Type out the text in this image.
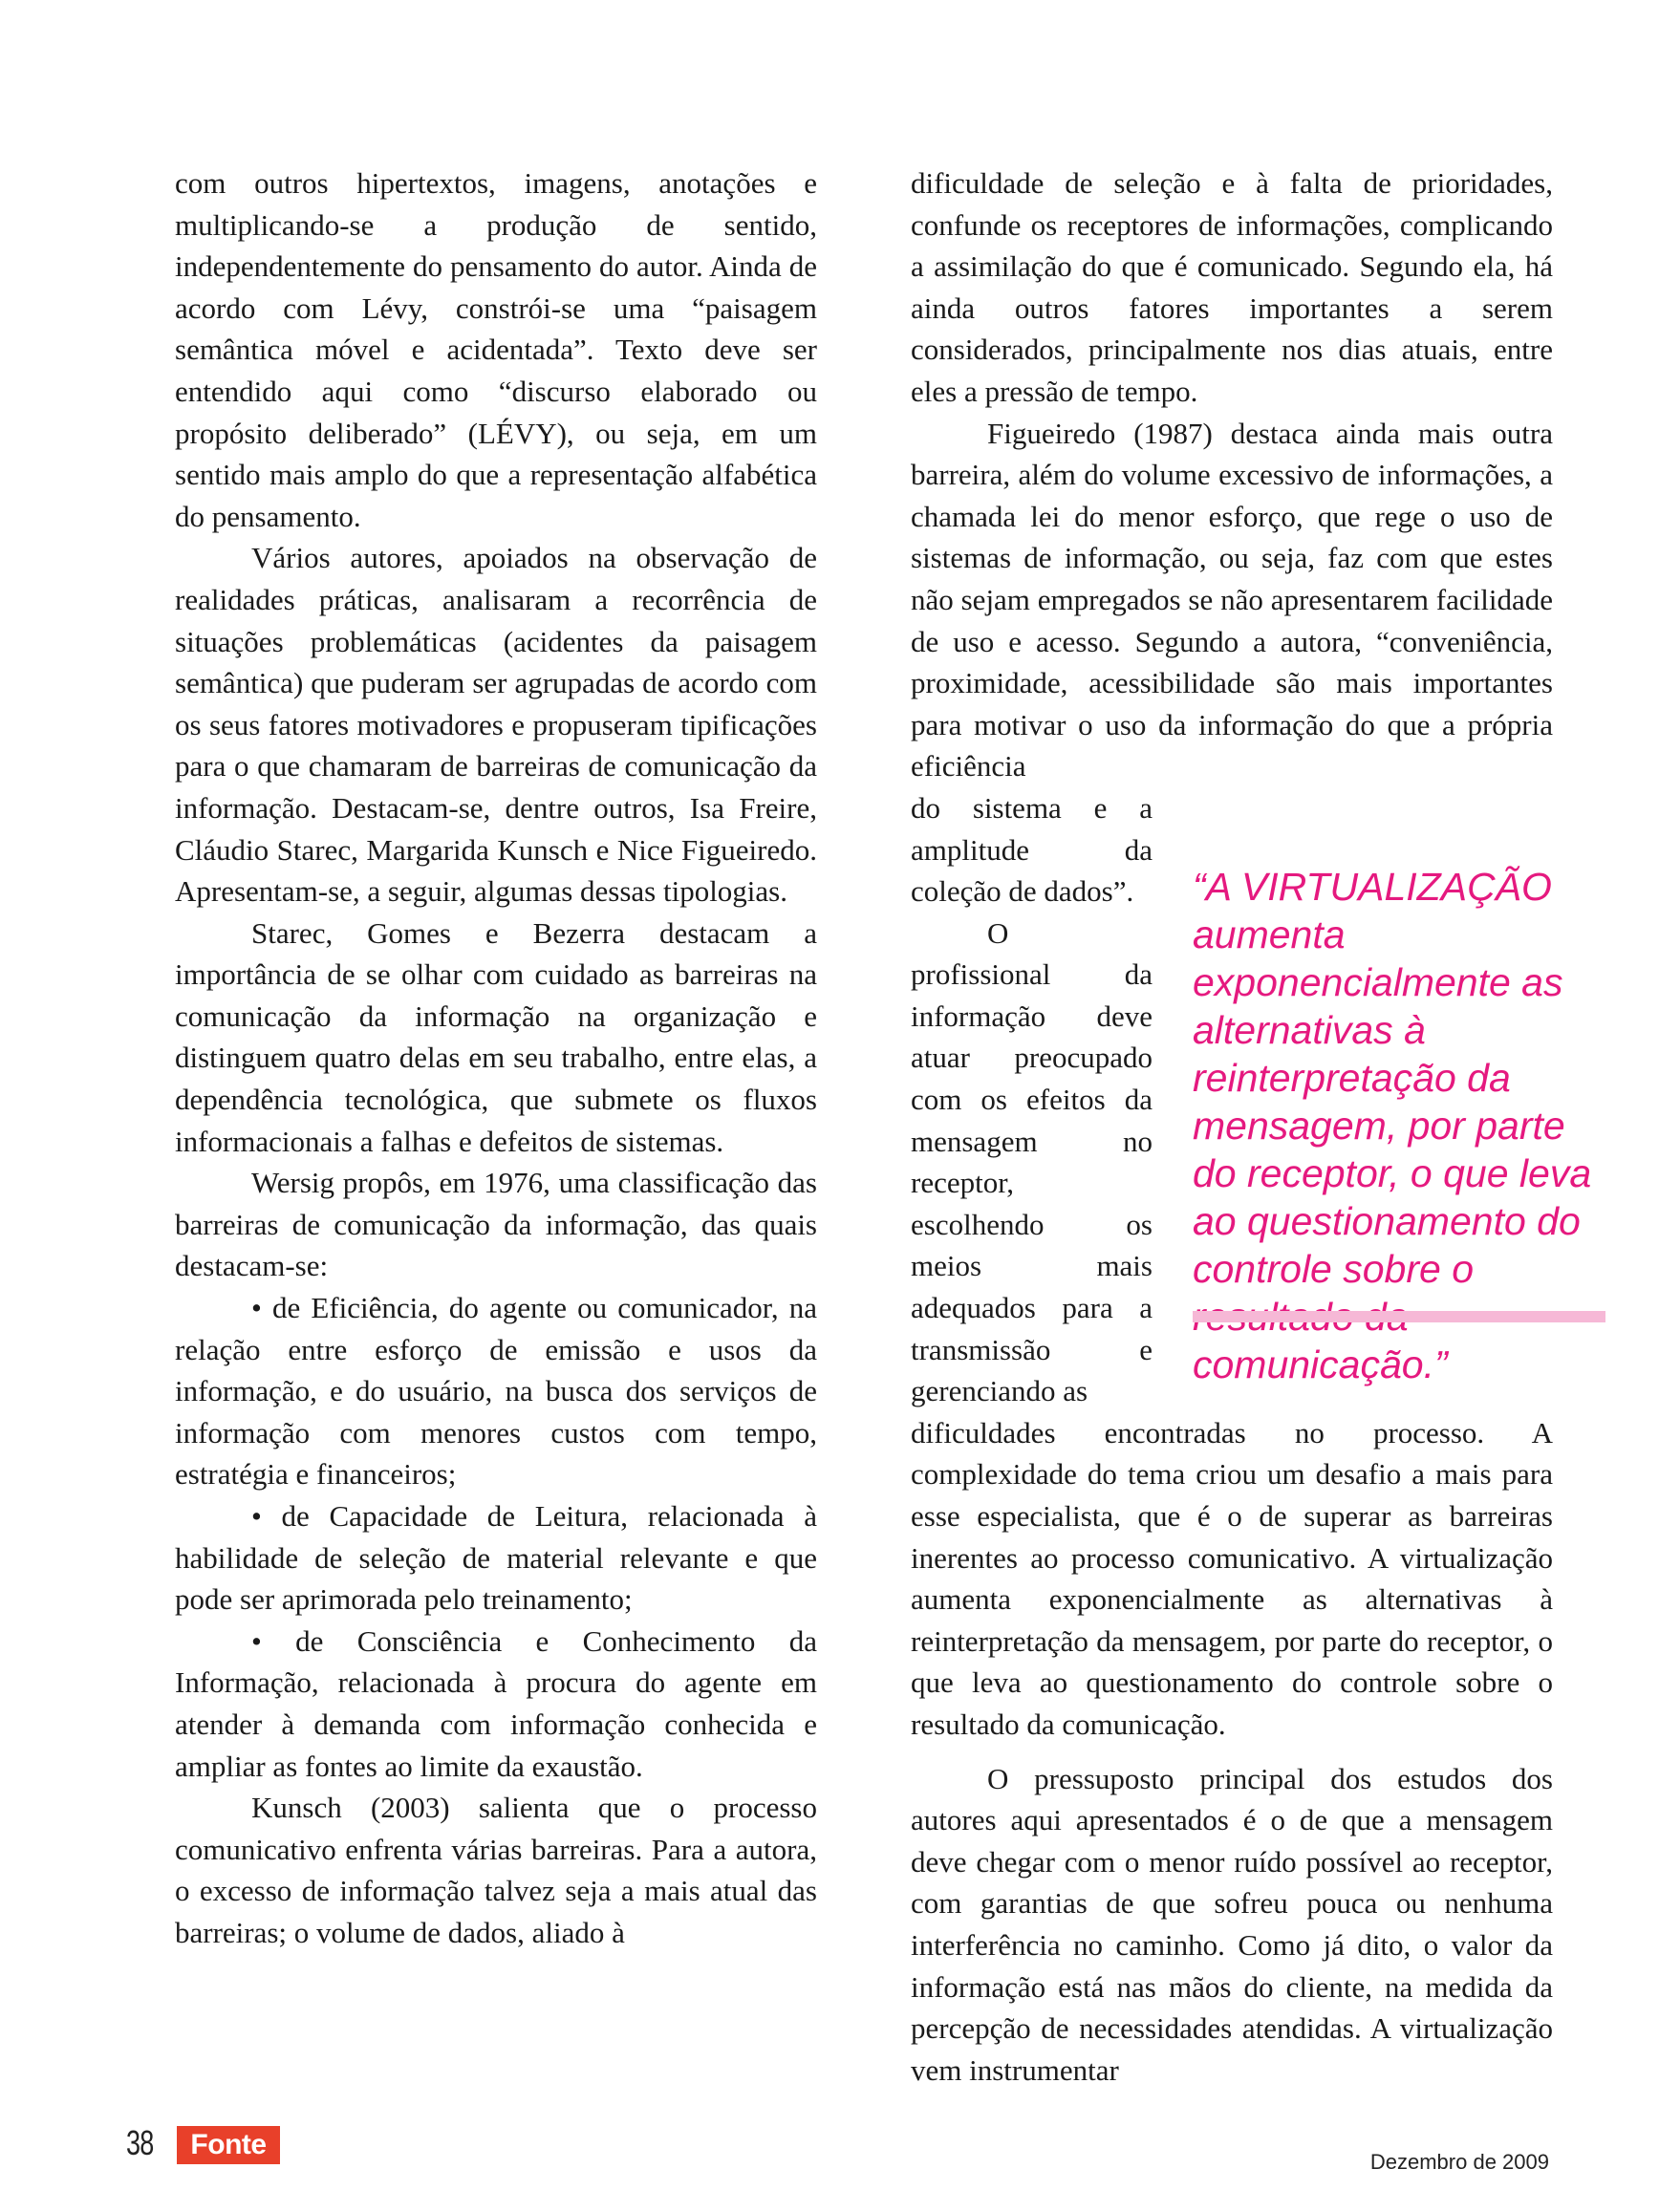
com outros hipertextos, imagens, anotações e multiplicando-se a produção de sentido, independentemente do pensamento do autor. Ainda de acordo com Lévy, constrói-se uma “paisagem semântica móvel e acidentada”. Texto deve ser entendido aqui como “discurso elaborado ou propósito deliberado” (LÉVY), ou seja, em um sentido mais amplo do que a representação alfabética do pensamento.

Vários autores, apoiados na observação de realidades práticas, analisaram a recorrência de situações problemáticas (acidentes da paisagem semântica) que puderam ser agrupadas de acordo com os seus fatores motivadores e propuseram tipificações para o que chamaram de barreiras de comunicação da informação. Destacam-se, dentre outros, Isa Freire, Cláudio Starec, Margarida Kunsch e Nice Figueiredo. Apresentam-se, a seguir, algumas dessas tipologias.

Starec, Gomes e Bezerra destacam a importância de se olhar com cuidado as barreiras na comunicação da informação na organização e distinguem quatro delas em seu trabalho, entre elas, a dependência tecnológica, que submete os fluxos informacionais a falhas e defeitos de sistemas.

Wersig propôs, em 1976, uma classificação das barreiras de comunicação da informação, das quais destacam-se:

• de Eficiência, do agente ou comunicador, na relação entre esforço de emissão e usos da informação, e do usuário, na busca dos serviços de informação com menores custos com tempo, estratégia e financeiros;

• de Capacidade de Leitura, relacionada à habilidade de seleção de material relevante e que pode ser aprimorada pelo treinamento;

• de Consciência e Conhecimento da Informação, relacionada à procura do agente em atender à demanda com informação conhecida e ampliar as fontes ao limite da exaustão.

Kunsch (2003) salienta que o processo comunicativo enfrenta várias barreiras. Para a autora, o excesso de informação talvez seja a mais atual das barreiras; o volume de dados, aliado à

dificuldade de seleção e à falta de prioridades, confunde os receptores de informações, complicando a assimilação do que é comunicado. Segundo ela, há ainda outros fatores importantes a serem considerados, principalmente nos dias atuais, entre eles a pressão de tempo.

Figueiredo (1987) destaca ainda mais outra barreira, além do volume excessivo de informações, a chamada lei do menor esforço, que rege o uso de sistemas de informação, ou seja, faz com que estes não sejam empregados se não apresentarem facilidade de uso e acesso. Segundo a autora, “conveniência, proximidade, acessibilidade são mais importantes para motivar o uso da informação do que a própria eficiência

do sistema e a amplitude da coleção de dados”.

O profissional da informação deve atuar preocupado com os efeitos da mensagem no receptor, escolhendo os meios mais adequados para a transmissão e gerenciando as

dificuldades encontradas no processo. A complexidade do tema criou um desafio a mais para esse especialista, que é o de superar as barreiras inerentes ao processo comunicativo. A virtualização aumenta exponencialmente as alternativas à reinterpretação da mensagem, por parte do receptor, o que leva ao questionamento do controle sobre o resultado da comunicação.

O pressuposto principal dos estudos dos autores aqui apresentados é o de que a mensagem deve chegar com o menor ruído possível ao receptor, com garantias de que sofreu pouca ou nenhuma interferência no caminho. Como já dito, o valor da informação está nas mãos do cliente, na medida da percepção de necessidades atendidas. A virtualização vem instrumentar

“A VIRTUALIZAÇÃO aumenta exponencialmente as alternativas à reinterpretação da mensagem, por parte do receptor, o que leva ao questionamento do controle sobre o comunicação.”
38	Fonte
Dezembro de 2009
